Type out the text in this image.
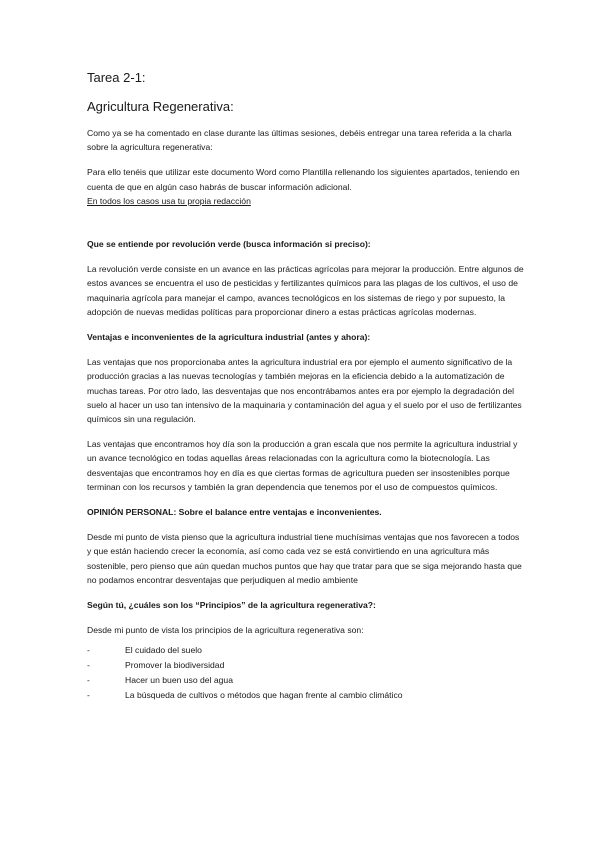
Tarea 2-1:
Agricultura Regenerativa:

Como ya se ha comentado en clase durante las últimas sesiones, debéis entregar una tarea referida a la charla sobre la agricultura regenerativa:

Para ello tenéis que utilizar este documento Word como Plantilla rellenando los siguientes apartados, teniendo en cuenta de que en algún caso habrás de buscar información adicional.

En todos los casos usa tu propia redacción

Que se entiende por revolución verde (busca información si preciso):

La revolución verde consiste en un avance en las prácticas agrícolas para mejorar la producción. Entre algunos de estos avances se encuentra el uso de pesticidas y fertilizantes químicos para las plagas de los cultivos, el uso de maquinaria agrícola para manejar el campo, avances tecnológicos en los sistemas de riego y por supuesto, la adopción de nuevas medidas políticas para proporcionar dinero a estas prácticas agrícolas modernas.

Ventajas e inconvenientes de la agricultura industrial (antes y ahora):

Las ventajas que nos proporcionaba antes la agricultura industrial era por ejemplo el aumento significativo de la producción gracias a las nuevas tecnologías y también mejoras en la eficiencia debido a la automatización de muchas tareas. Por otro lado, las desventajas que nos encontrábamos antes era por ejemplo la degradación del suelo al hacer un uso tan intensivo de la maquinaria y contaminación del agua y el suelo por el uso de fertilizantes químicos sin una regulación.

Las ventajas que encontramos hoy día son la producción a gran escala que nos permite la agricultura industrial y un avance tecnológico en todas aquellas áreas relacionadas con la agricultura como la biotecnología. Las desventajas que encontramos hoy en día es que ciertas formas de agricultura pueden ser insostenibles porque terminan con los recursos y también la gran dependencia que tenemos por el uso de compuestos químicos.

OPINIÓN PERSONAL: Sobre el balance entre ventajas e inconvenientes.

Desde mi punto de vista pienso que la agricultura industrial tiene muchísimas ventajas que nos favorecen a todos y que están haciendo crecer la economía, así como cada vez se está convirtiendo en una agricultura más sostenible, pero pienso que aún quedan muchos puntos que hay que tratar para que se siga mejorando hasta que no podamos encontrar desventajas que perjudiquen al medio ambiente

Según tú, ¿cuáles son los “Principios” de la agricultura regenerativa?:

Desde mi punto de vista los principios de la agricultura regenerativa son:

-	El cuidado del suelo
-	Promover la biodiversidad
-	Hacer un buen uso del agua
-	La búsqueda de cultivos o métodos que hagan frente al cambio climático
